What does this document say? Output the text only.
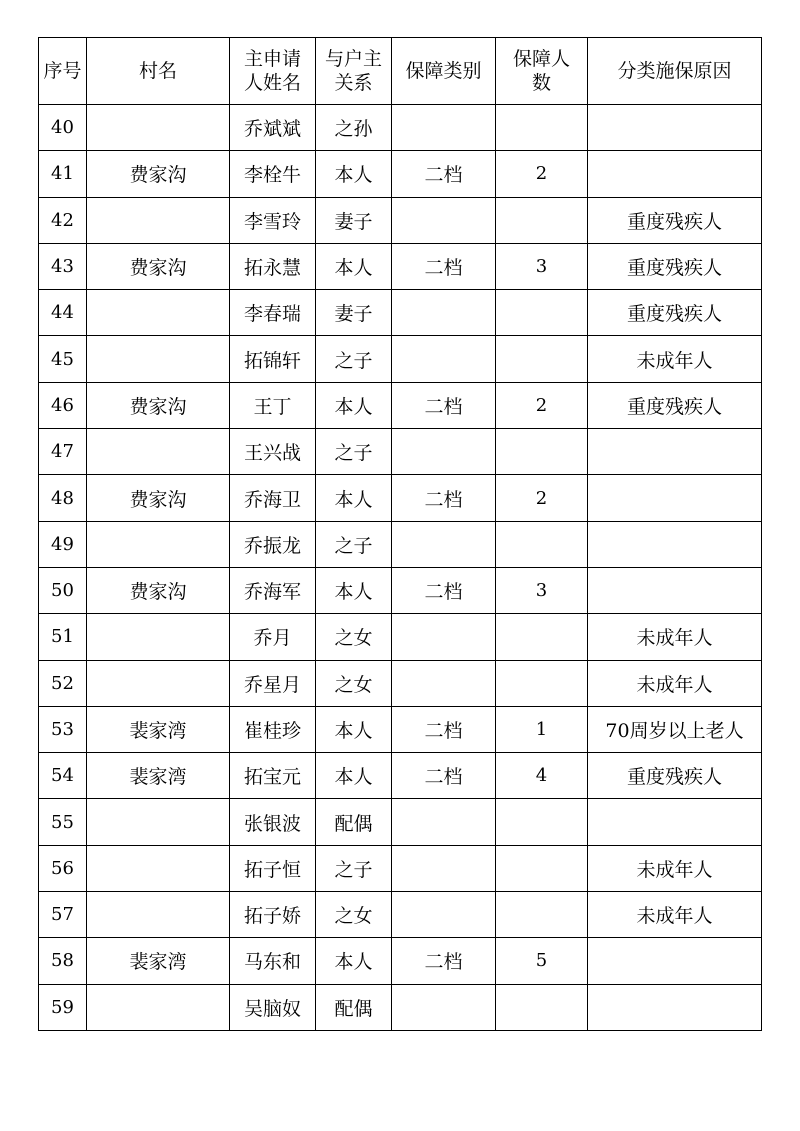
序号	村名	主申请人姓名	与户主关系	保障类别	保障人数	分类施保原因
40		乔斌斌	之孙			
41	费家沟	李栓牛	本人	二档	2	
42		李雪玲	妻子			重度残疾人
43	费家沟	拓永慧	本人	二档	3	重度残疾人
44		李春瑞	妻子			重度残疾人
45		拓锦轩	之子			未成年人
46	费家沟	王丁	本人	二档	2	重度残疾人
47		王兴战	之子			
48	费家沟	乔海卫	本人	二档	2	
49		乔振龙	之子			
50	费家沟	乔海军	本人	二档	3	
51		乔月	之女			未成年人
52		乔星月	之女			未成年人
53	裴家湾	崔桂珍	本人	二档	1	70周岁以上老人
54	裴家湾	拓宝元	本人	二档	4	重度残疾人
55		张银波	配偶			
56		拓子恒	之子			未成年人
57		拓子娇	之女			未成年人
58	裴家湾	马东和	本人	二档	5	
59		吴脑奴	配偶			
